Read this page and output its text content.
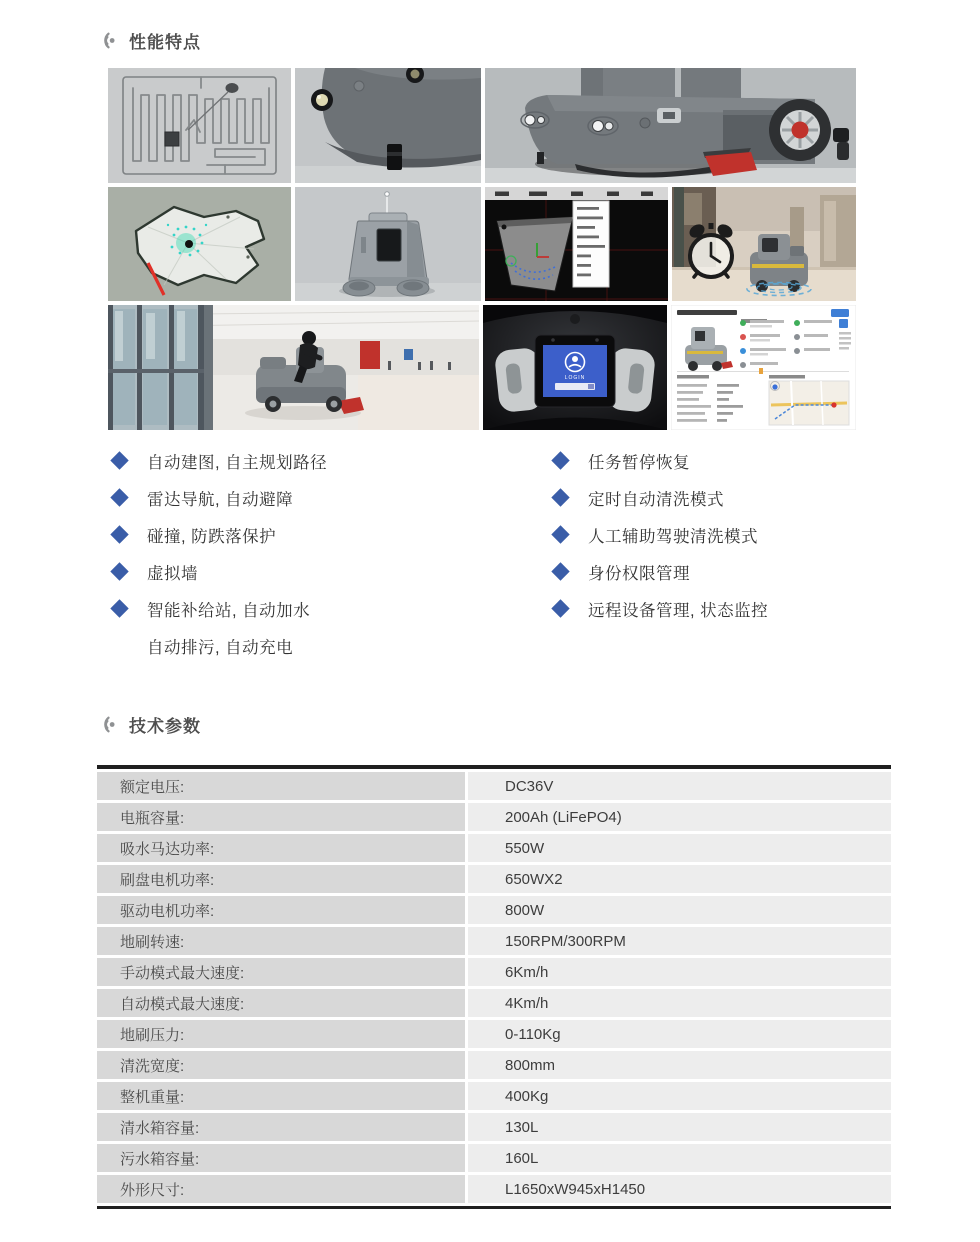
性能特点
LOGIN
自动建图, 自主规划路径
雷达导航, 自动避障
碰撞, 防跌落保护
虚拟墙
智能补给站, 自动加水
自动排污, 自动充电
任务暂停恢复
定时自动清洗模式
人工辅助驾驶清洗模式
身份权限管理
远程设备管理, 状态监控
技术参数
额定电压:	DC36V
电瓶容量:	200Ah (LiFePO4)
吸水马达功率:	550W
刷盘电机功率:	650WX2
驱动电机功率:	800W
地刷转速:	150RPM/300RPM
手动模式最大速度:	6Km/h
自动模式最大速度:	4Km/h
地刷压力:	0-110Kg
清洗宽度:	800mm
整机重量:	400Kg
清水箱容量:	130L
污水箱容量:	160L
外形尺寸:	L1650xW945xH1450
